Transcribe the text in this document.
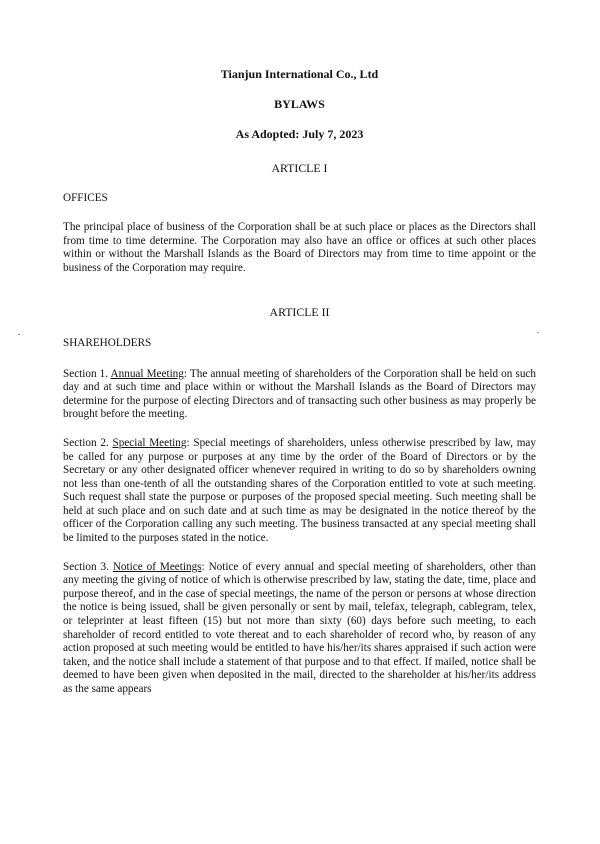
Tianjun International Co., Ltd

BYLAWS

As Adopted: July 7, 2023

ARTICLE I

OFFICES

The principal place of business of the Corporation shall be at such place or places as the Directors shall from time to time determine. The Corporation may also have an office or offices at such other places within or without the Marshall Islands as the Board of Directors may from time to time appoint or the business of the Corporation may require.

ARTICLE II

SHAREHOLDERS

Section 1. Annual Meeting: The annual meeting of shareholders of the Corporation shall be held on such day and at such time and place within or without the Marshall Islands as the Board of Directors may determine for the purpose of electing Directors and of transacting such other business as may properly be brought before the meeting.

Section 2. Special Meeting: Special meetings of shareholders, unless otherwise prescribed by law, may be called for any purpose or purposes at any time by the order of the Board of Directors or by the Secretary or any other designated officer whenever required in writing to do so by shareholders owning not less than one-tenth of all the outstanding shares of the Corporation entitled to vote at such meeting. Such request shall state the purpose or purposes of the proposed special meeting. Such meeting shall be held at such place and on such date and at such time as may be designated in the notice thereof by the officer of the Corporation calling any such meeting. The business transacted at any special meeting shall be limited to the purposes stated in the notice.

Section 3. Notice of Meetings: Notice of every annual and special meeting of shareholders, other than any meeting the giving of notice of which is otherwise prescribed by law, stating the date, time, place and purpose thereof, and in the case of special meetings, the name of the person or persons at whose direction the notice is being issued, shall be given personally or sent by mail, telefax, telegraph, cablegram, telex, or teleprinter at least fifteen (15) but not more than sixty (60) days before such meeting, to each shareholder of record entitled to vote thereat and to each shareholder of record who, by reason of any action proposed at such meeting would be entitled to have his/her/its shares appraised if such action were taken, and the notice shall include a statement of that purpose and to that effect. If mailed, notice shall be deemed to have been given when deposited in the mail, directed to the shareholder at his/her/its address as the same appears
